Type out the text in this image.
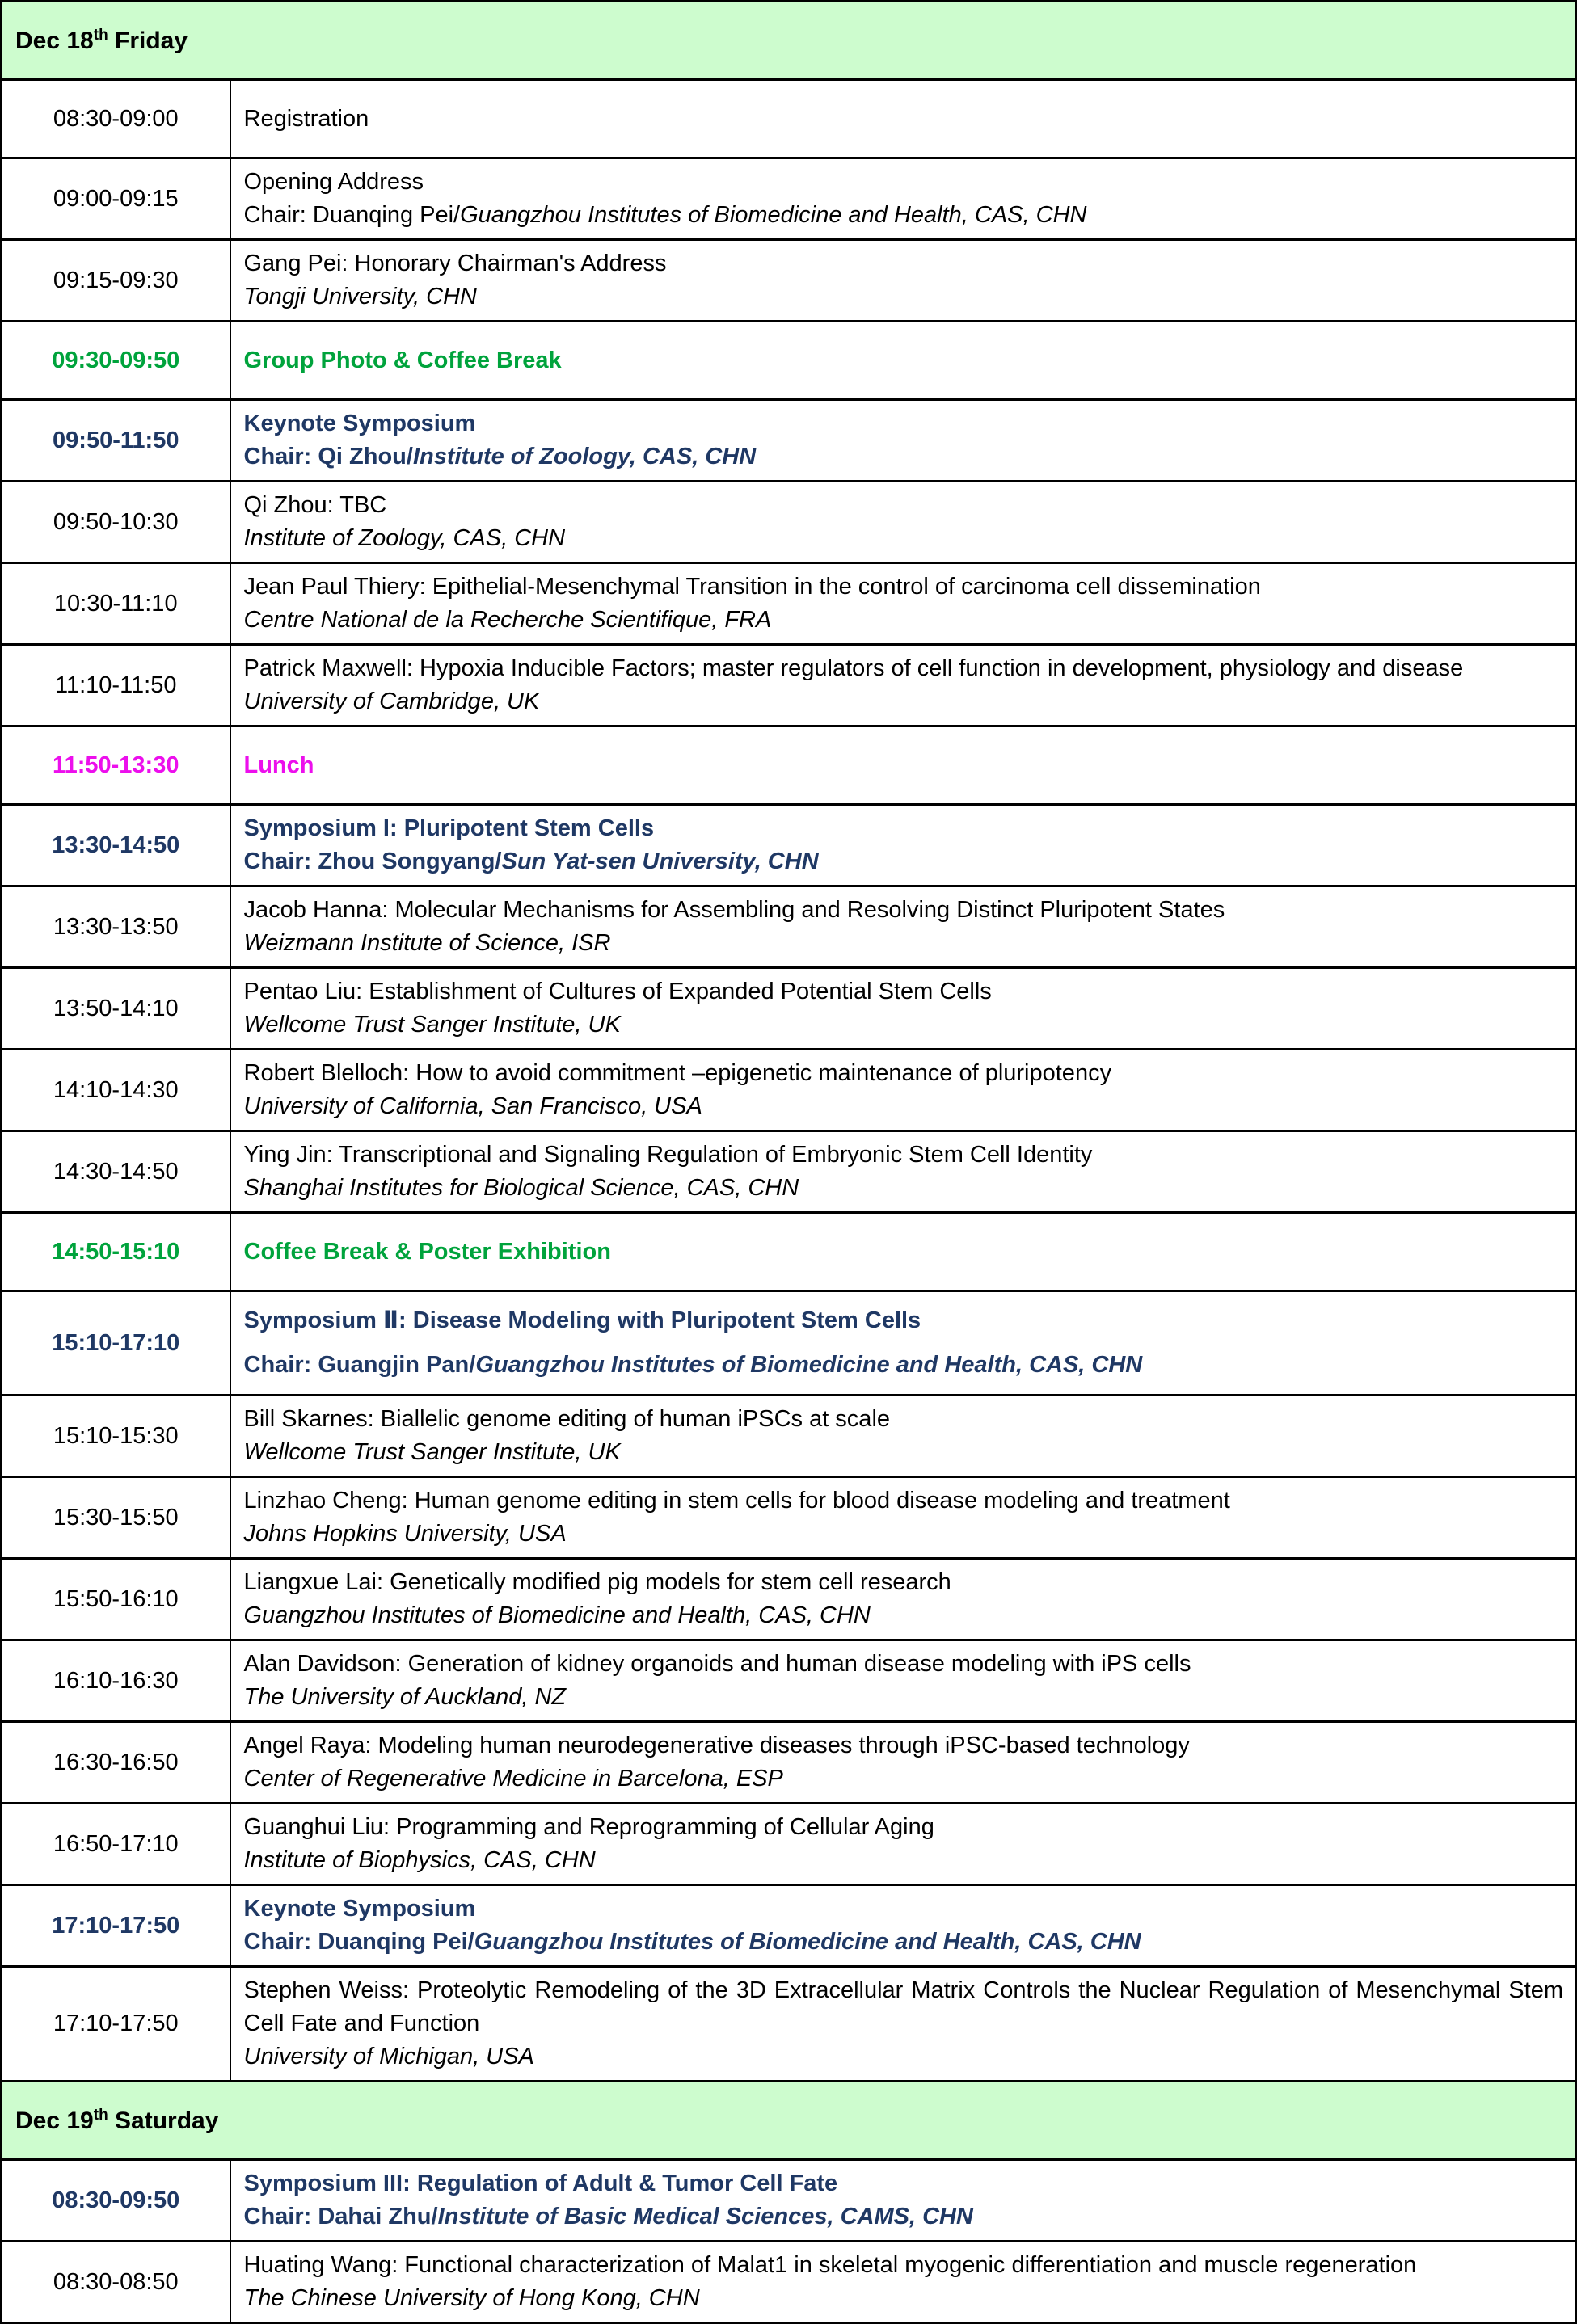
Dec 18th Friday	
08:30-09:00	Registration

09:00-09:15	Opening Address
Chair: Duanqing Pei/Guangzhou Institutes of Biomedicine and Health, CAS, CHN

09:15-09:30	Gang Pei: Honorary Chairman's Address
Tongji University, CHN

09:30-09:50	Group Photo & Coffee Break

09:50-11:50	Keynote Symposium
Chair: Qi Zhou/Institute of Zoology, CAS, CHN

09:50-10:30	Qi Zhou: TBC
Institute of Zoology, CAS, CHN

10:30-11:10	Jean Paul Thiery: Epithelial-Mesenchymal Transition in the control of carcinoma cell dissemination
Centre National de la Recherche Scientifique, FRA

11:10-11:50	Patrick Maxwell: Hypoxia Inducible Factors; master regulators of cell function in development, physiology and disease
University of Cambridge, UK

11:50-13:30	Lunch

13:30-14:50	Symposium I: Pluripotent Stem Cells
Chair: Zhou Songyang/Sun Yat-sen University, CHN

13:30-13:50	Jacob Hanna: Molecular Mechanisms for Assembling and Resolving Distinct Pluripotent States
Weizmann Institute of Science, ISR

13:50-14:10	Pentao Liu: Establishment of Cultures of Expanded Potential Stem Cells
Wellcome Trust Sanger Institute, UK

14:10-14:30	Robert Blelloch: How to avoid commitment –epigenetic maintenance of pluripotency
University of California, San Francisco, USA

14:30-14:50	Ying Jin: Transcriptional and Signaling Regulation of Embryonic Stem Cell Identity
Shanghai Institutes for Biological Science, CAS, CHN

14:50-15:10	Coffee Break & Poster Exhibition

15:10-17:10	Symposium Ⅱ: Disease Modeling with Pluripotent Stem Cells
Chair: Guangjin Pan/Guangzhou Institutes of Biomedicine and Health, CAS, CHN

15:10-15:30	Bill Skarnes: Biallelic genome editing of human iPSCs at scale
Wellcome Trust Sanger Institute, UK

15:30-15:50	Linzhao Cheng: Human genome editing in stem cells for blood disease modeling and treatment
Johns Hopkins University, USA

15:50-16:10	Liangxue Lai: Genetically modified pig models for stem cell research
Guangzhou Institutes of Biomedicine and Health, CAS, CHN

16:10-16:30	Alan Davidson: Generation of kidney organoids and human disease modeling with iPS cells
The University of Auckland, NZ

16:30-16:50	Angel Raya: Modeling human neurodegenerative diseases through iPSC-based technology
Center of Regenerative Medicine in Barcelona, ESP

16:50-17:10	Guanghui Liu: Programming and Reprogramming of Cellular Aging
Institute of Biophysics, CAS, CHN

17:10-17:50	Keynote Symposium
Chair: Duanqing Pei/Guangzhou Institutes of Biomedicine and Health, CAS, CHN

17:10-17:50	Stephen Weiss: Proteolytic Remodeling of the 3D Extracellular Matrix Controls the Nuclear Regulation of Mesenchymal Stem Cell Fate and Function
University of Michigan, USA

Dec 19th Saturday	
08:30-09:50	Symposium III: Regulation of Adult & Tumor Cell Fate
Chair: Dahai Zhu/Institute of Basic Medical Sciences, CAMS, CHN

08:30-08:50	Huating Wang: Functional characterization of Malat1 in skeletal myogenic differentiation and muscle regeneration
The Chinese University of Hong Kong, CHN
